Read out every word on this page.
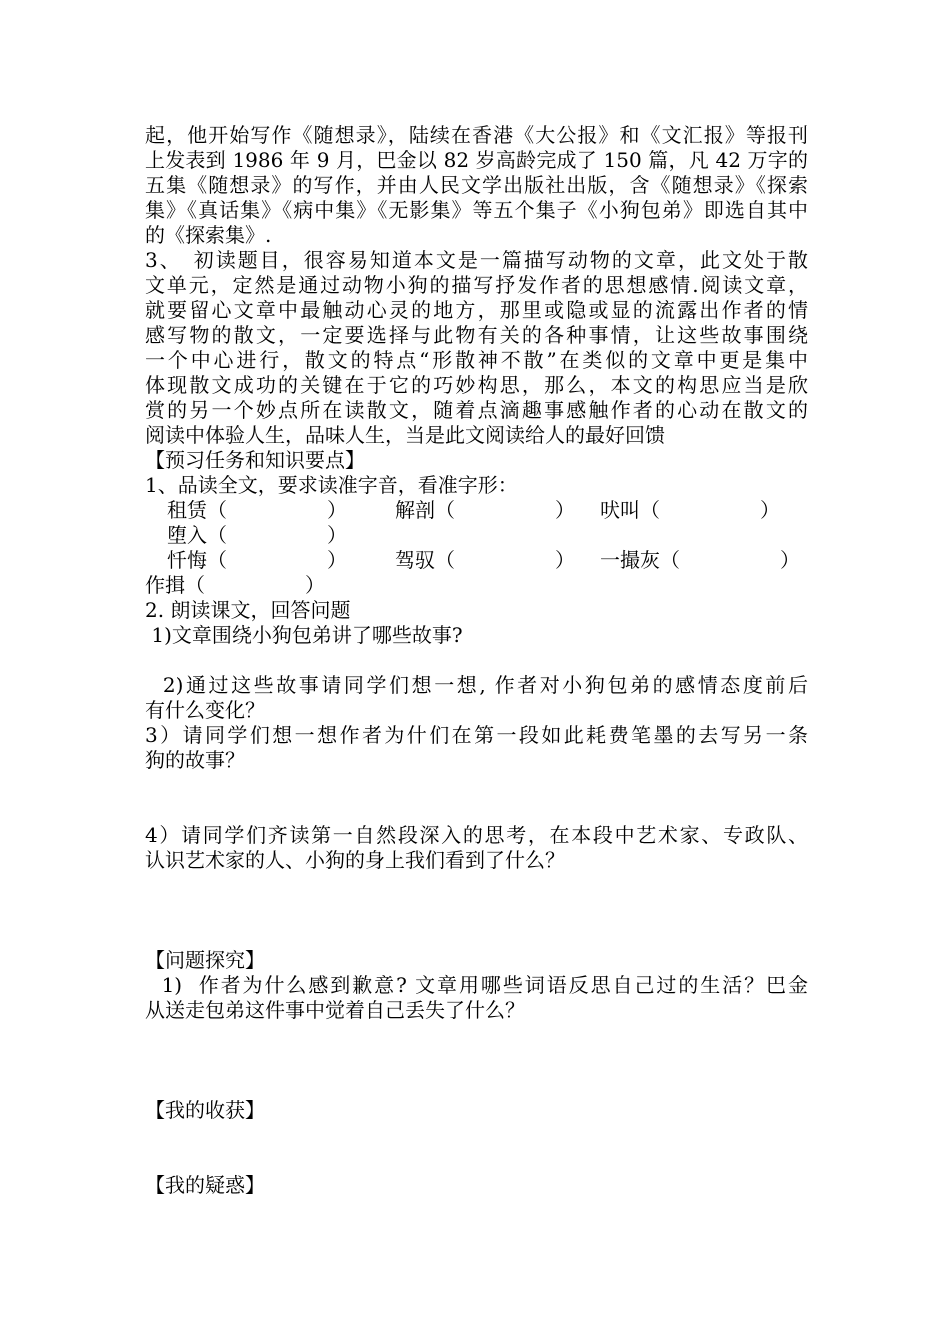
起，他开始写作《随想录》，陆续在香港《大公报》和《文汇报》等报刊
上发表到 1986 年 9 月，巴金以 82 岁高龄完成了 150 篇，凡 42 万字的
五集《随想录》的写作，并由人民文学出版社出版，含《随想录》《探索
集》《真话集》《病中集》《无影集》等五个集子《小狗包弟》即选自其中
的《探索集》.
3、　初读题目，很容易知道本文是一篇描写动物的文章，此文处于散
文单元，定然是通过动物小狗的描写抒发作者的思想感情.阅读文章，
就要留心文章中最触动心灵的地方，那里或隐或显的流露出作者的情
感写物的散文，一定要选择与此物有关的各种事情，让这些故事围绕
一个中心进行，散文的特点“形散神不散”在类似的文章中更是集中
体现散文成功的关键在于它的巧妙构思，那么，本文的构思应当是欣
赏的另一个妙点所在读散文，随着点滴趣事感触作者的心动在散文的
阅读中体验人生，品味人生，当是此文阅读给人的最好回馈
【预习任务和知识要点】
1、品读全文，要求读准字音，看准字形：
租赁（　　　　　） 解剖（　　　　　） 吠叫（　　　　　）
堕入（　　　　　）
忏悔（　　　　　） 驾驭（　　　　　） 一撮灰（　　　　　）
作揖（　　　　　）
2. 朗读课文，回答问题
1)文章围绕小狗包弟讲了哪些故事?
2)通过这些故事请同学们想一想, 作者对小狗包弟的感情态度前后
有什么变化？
3）请同学们想一想作者为什们在第一段如此耗费笔墨的去写另一条
狗的故事？
4）请同学们齐读第一自然段深入的思考，在本段中艺术家、专政队、
认识艺术家的人、小狗的身上我们看到了什么？
【问题探究】
1)  作者为什么感到歉意? 文章用哪些词语反思自己过的生活？巴金
从送走包弟这件事中觉着自己丢失了什么？
【我的收获】
【我的疑惑】
